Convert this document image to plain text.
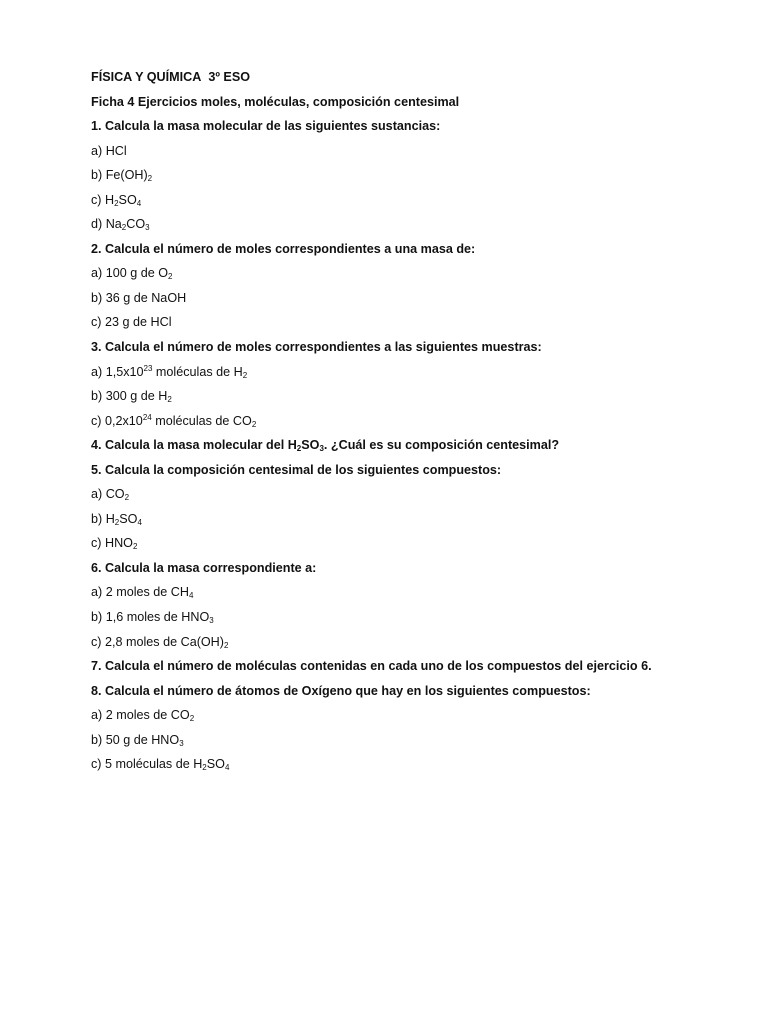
FÍSICA Y QUÍMICA  3º ESO
Ficha 4 Ejercicios moles, moléculas, composición centesimal
1. Calcula la masa molecular de las siguientes sustancias:
a) HCl
b) $Fe(OH)_2$
c) $H_2SO_4$
d) $Na_2CO_3$
2. Calcula el número de moles correspondientes a una masa de:
a) 100 g de $O_2$
b) 36 g de NaOH
c) 23 g de HCl
3. Calcula el número de moles correspondientes a las siguientes muestras:
a) $1,5x10^{23}$ moléculas de $H_2$
b) 300 g de $H_2$
c) $0,2x10^{24}$ moléculas de $CO_2$
4. Calcula la masa molecular del $H_2SO_3$. ¿Cuál es su composición centesimal?
5. Calcula la composición centesimal de los siguientes compuestos:
a) $CO_2$
b) $H_2SO_4$
c) $HNO_2$
6. Calcula la masa correspondiente a:
a) 2 moles de $CH_4$
b) 1,6 moles de $HNO_3$
c) 2,8 moles de $Ca(OH)_2$
7. Calcula el número de moléculas contenidas en cada uno de los compuestos del ejercicio 6.
8. Calcula el número de átomos de Oxígeno que hay en los siguientes compuestos:
a) 2 moles de $CO_2$
b) 50 g de $HNO_3$
c) 5 moléculas de $H_2SO_4$
